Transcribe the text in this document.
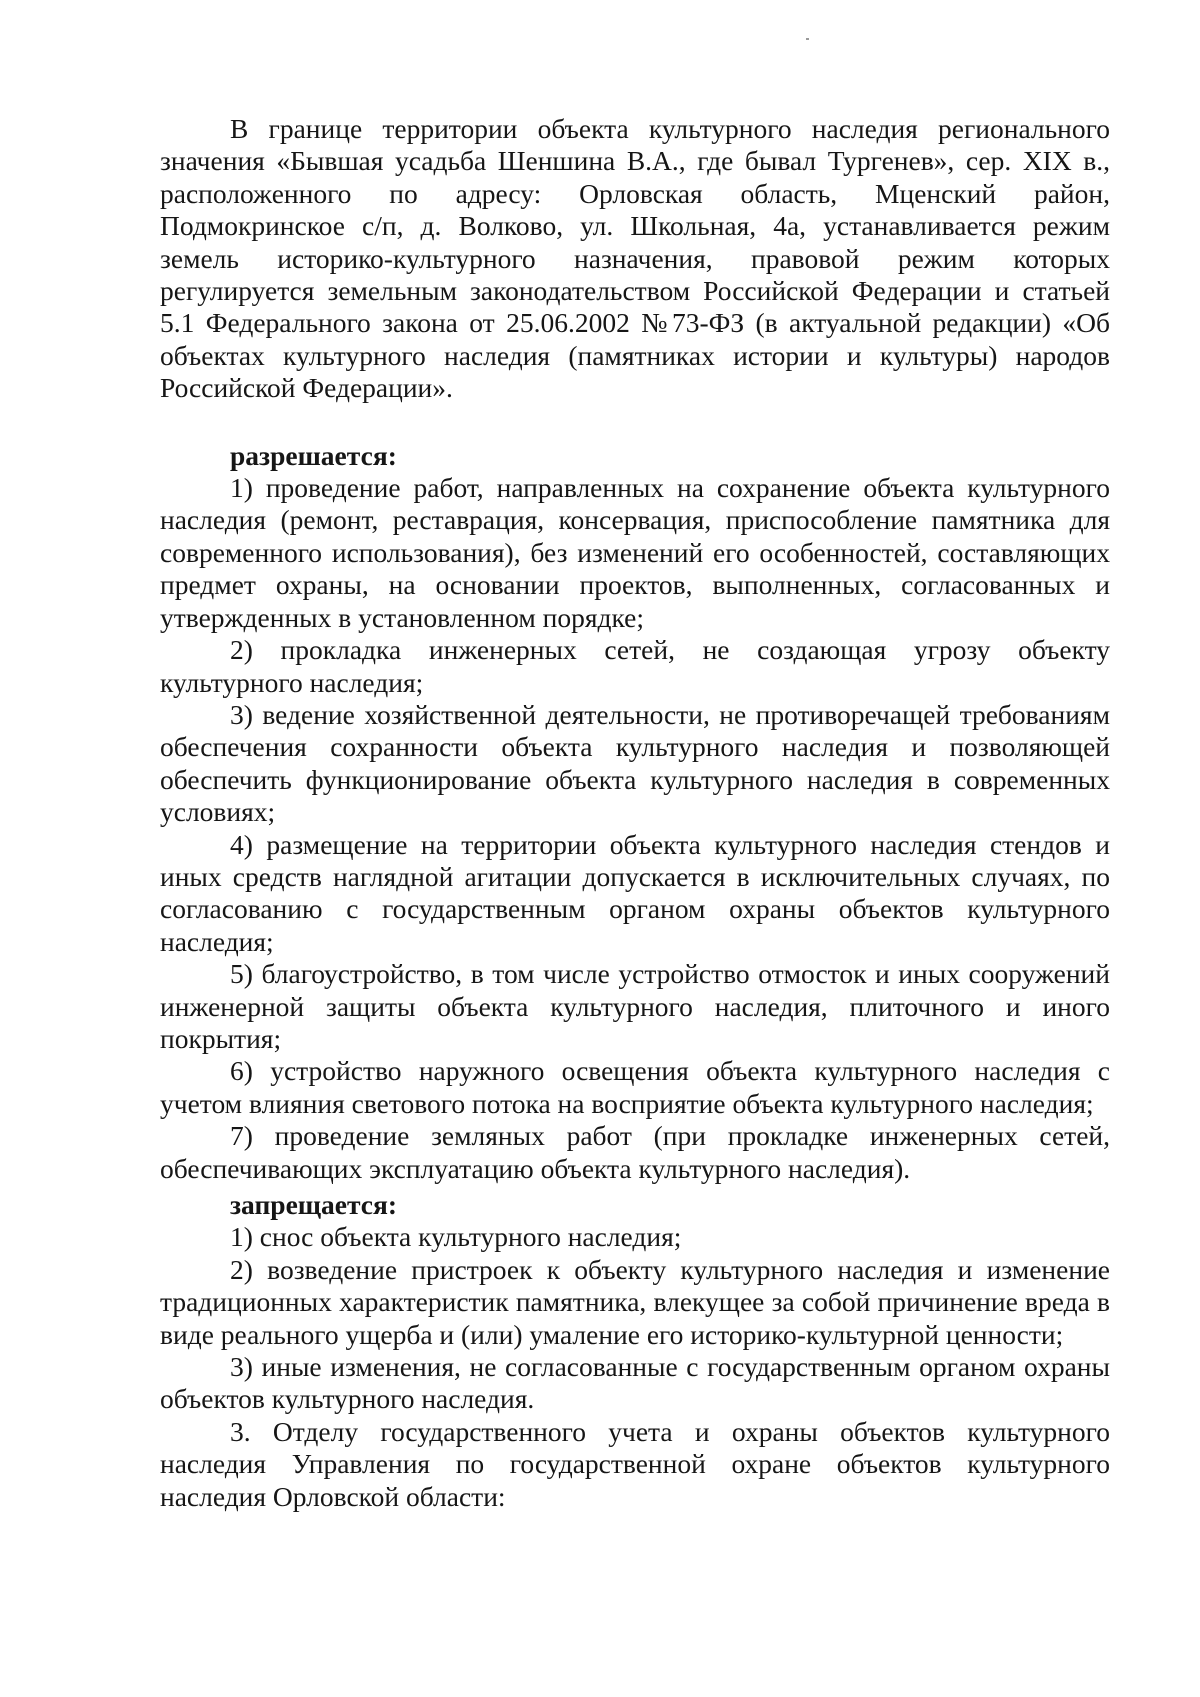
В границе территории объекта культурного наследия регионального значения «Бывшая усадьба Шеншина В.А., где бывал Тургенев», сер. XIX в., расположенного по адресу: Орловская область, Мценский район, Подмокринское с/п, д. Волково, ул. Школьная, 4а, устанавливается режим земель историко-культурного назначения, правовой режим которых регулируется земельным законодательством Российской Федерации и статьей 5.1 Федерального закона от 25.06.2002 №73-ФЗ (в актуальной редакции) «Об объектах культурного наследия (памятниках истории и культуры) народов Российской Федерации».

разрешается:

1) проведение работ, направленных на сохранение объекта культурного наследия (ремонт, реставрация, консервация, приспособление памятника для современного использования), без изменений его особенностей, составляющих предмет охраны, на основании проектов, выполненных, согласованных и утвержденных в установленном порядке;

2) прокладка инженерных сетей, не создающая угрозу объекту культурного наследия;

3) ведение хозяйственной деятельности, не противоречащей требованиям обеспечения сохранности объекта культурного наследия и позволяющей обеспечить функционирование объекта культурного наследия в современных условиях;

4) размещение на территории объекта культурного наследия стендов и иных средств наглядной агитации допускается в исключительных случаях, по согласованию с государственным органом охраны объектов культурного наследия;

5) благоустройство, в том числе устройство отмосток и иных сооружений инженерной защиты объекта культурного наследия, плиточного и иного покрытия;

6) устройство наружного освещения объекта культурного наследия с учетом влияния светового потока на восприятие объекта культурного наследия;

7) проведение земляных работ (при прокладке инженерных сетей, обеспечивающих эксплуатацию объекта культурного наследия).

запрещается:

1) снос объекта культурного наследия;

2) возведение пристроек к объекту культурного наследия и изменение традиционных характеристик памятника, влекущее за собой причинение вреда в виде реального ущерба и (или) умаление его историко-культурной ценности;

3) иные изменения, не согласованные с государственным органом охраны объектов культурного наследия.

3. Отделу государственного учета и охраны объектов культурного наследия Управления по государственной охране объектов культурного наследия Орловской области:
